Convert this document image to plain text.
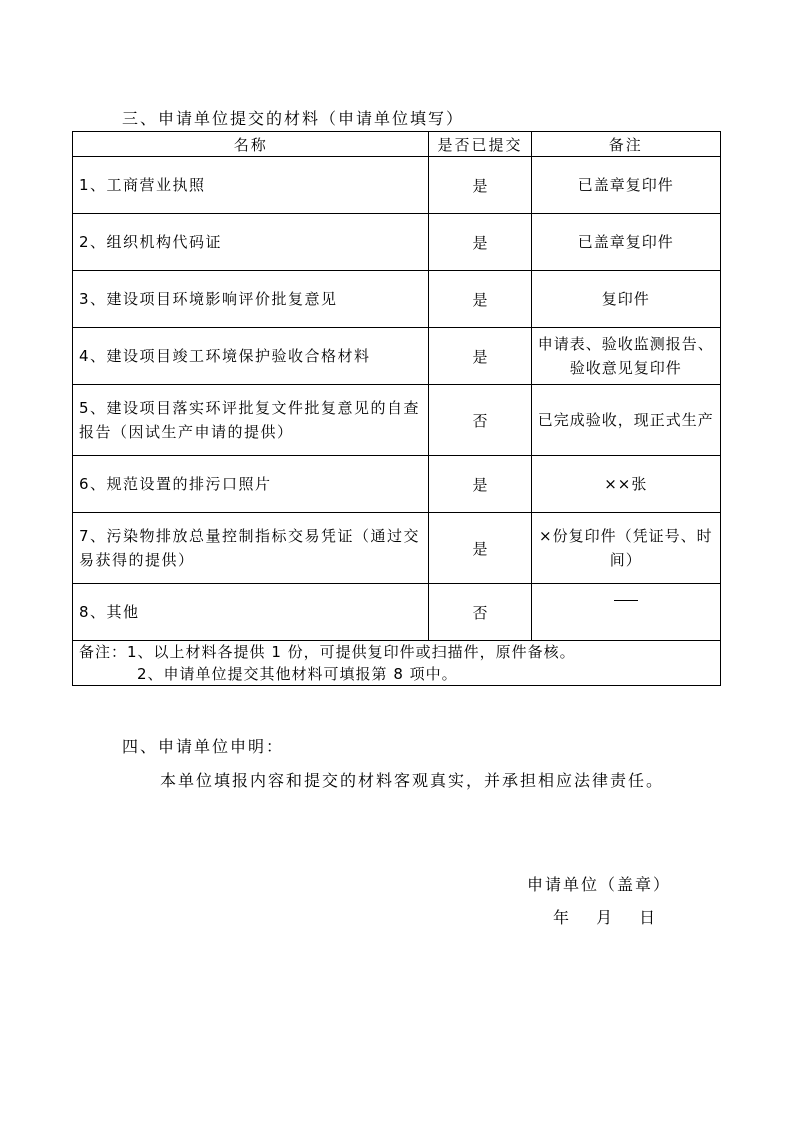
三、申请单位提交的材料（申请单位填写）
名称	是否已提交	备注
1、工商营业执照	是	已盖章复印件
2、组织机构代码证	是	已盖章复印件
3、建设项目环境影响评价批复意见	是	复印件
4、建设项目竣工环境保护验收合格材料	是	申请表、验收监测报告、验收意见复印件
5、建设项目落实环评批复文件批复意见的自查报告（因试生产申请的提供）	否	已完成验收，现正式生产
6、规范设置的排污口照片	是	××张
7、污染物排放总量控制指标交易凭证（通过交易获得的提供）	是	×份复印件（凭证号、时间）
8、其他	否	

备注：1、以上材料各提供 1 份，可提供复印件或扫描件，原件备核。
2、申请单位提交其他材料可填报第 8 项中。		
四、申请单位申明：
本单位填报内容和提交的材料客观真实，并承担相应法律责任。
申请单位（盖章）
年 月 日
